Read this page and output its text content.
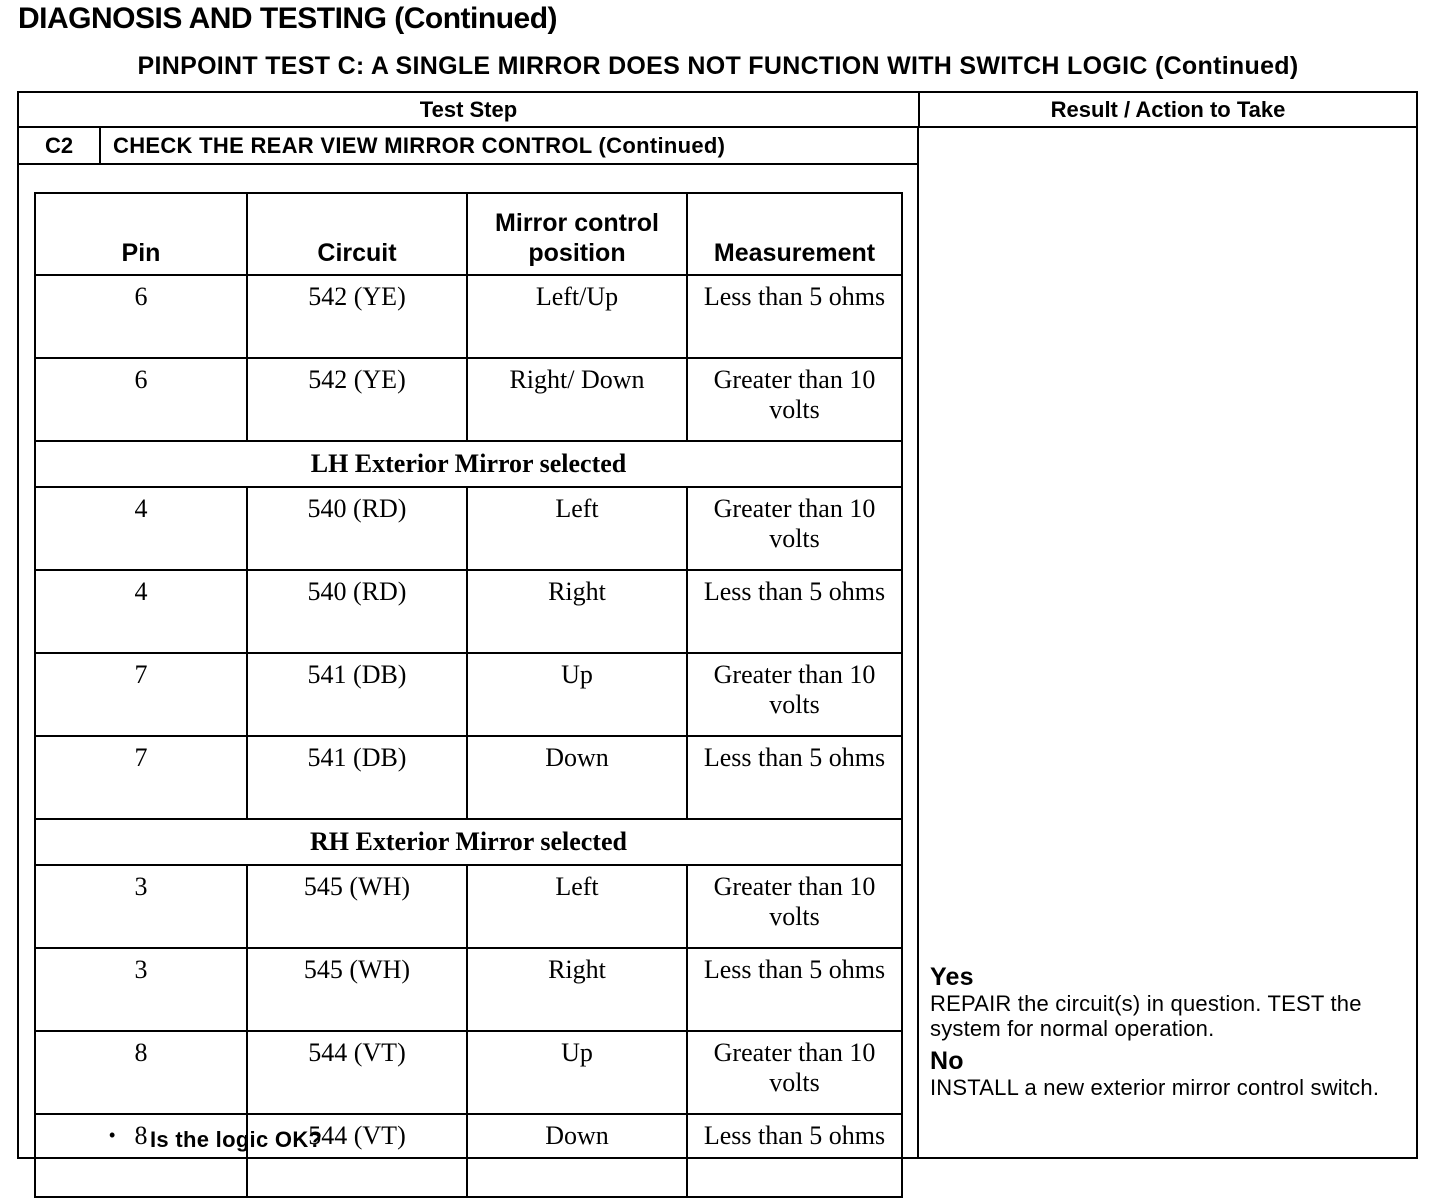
DIAGNOSIS AND TESTING (Continued)
PINPOINT TEST C: A SINGLE MIRROR DOES NOT FUNCTION WITH SWITCH LOGIC (Continued)
Test Step	Result / Action to Take
C2	CHECK THE REAR VIEW MIRROR CONTROL (Continued)
Pin	Circuit	Mirror control position	Measurement
6	542 (YE)	Left/Up	Less than 5 ohms
6	542 (YE)	Right/ Down	Greater than 10 volts
LH Exterior Mirror selected			
4	540 (RD)	Left	Greater than 10 volts
4	540 (RD)	Right	Less than 5 ohms
7	541 (DB)	Up	Greater than 10 volts
7	541 (DB)	Down	Less than 5 ohms
RH Exterior Mirror selected			
3	545 (WH)	Left	Greater than 10 volts
3	545 (WH)	Right	Less than 5 ohms
8	544 (VT)	Up	Greater than 10 volts
8	544 (VT)	Down	Less than 5 ohms
• Is the logic OK?
Yes
REPAIR the circuit(s) in question. TEST the system for normal operation.
No
INSTALL a new exterior mirror control switch.
